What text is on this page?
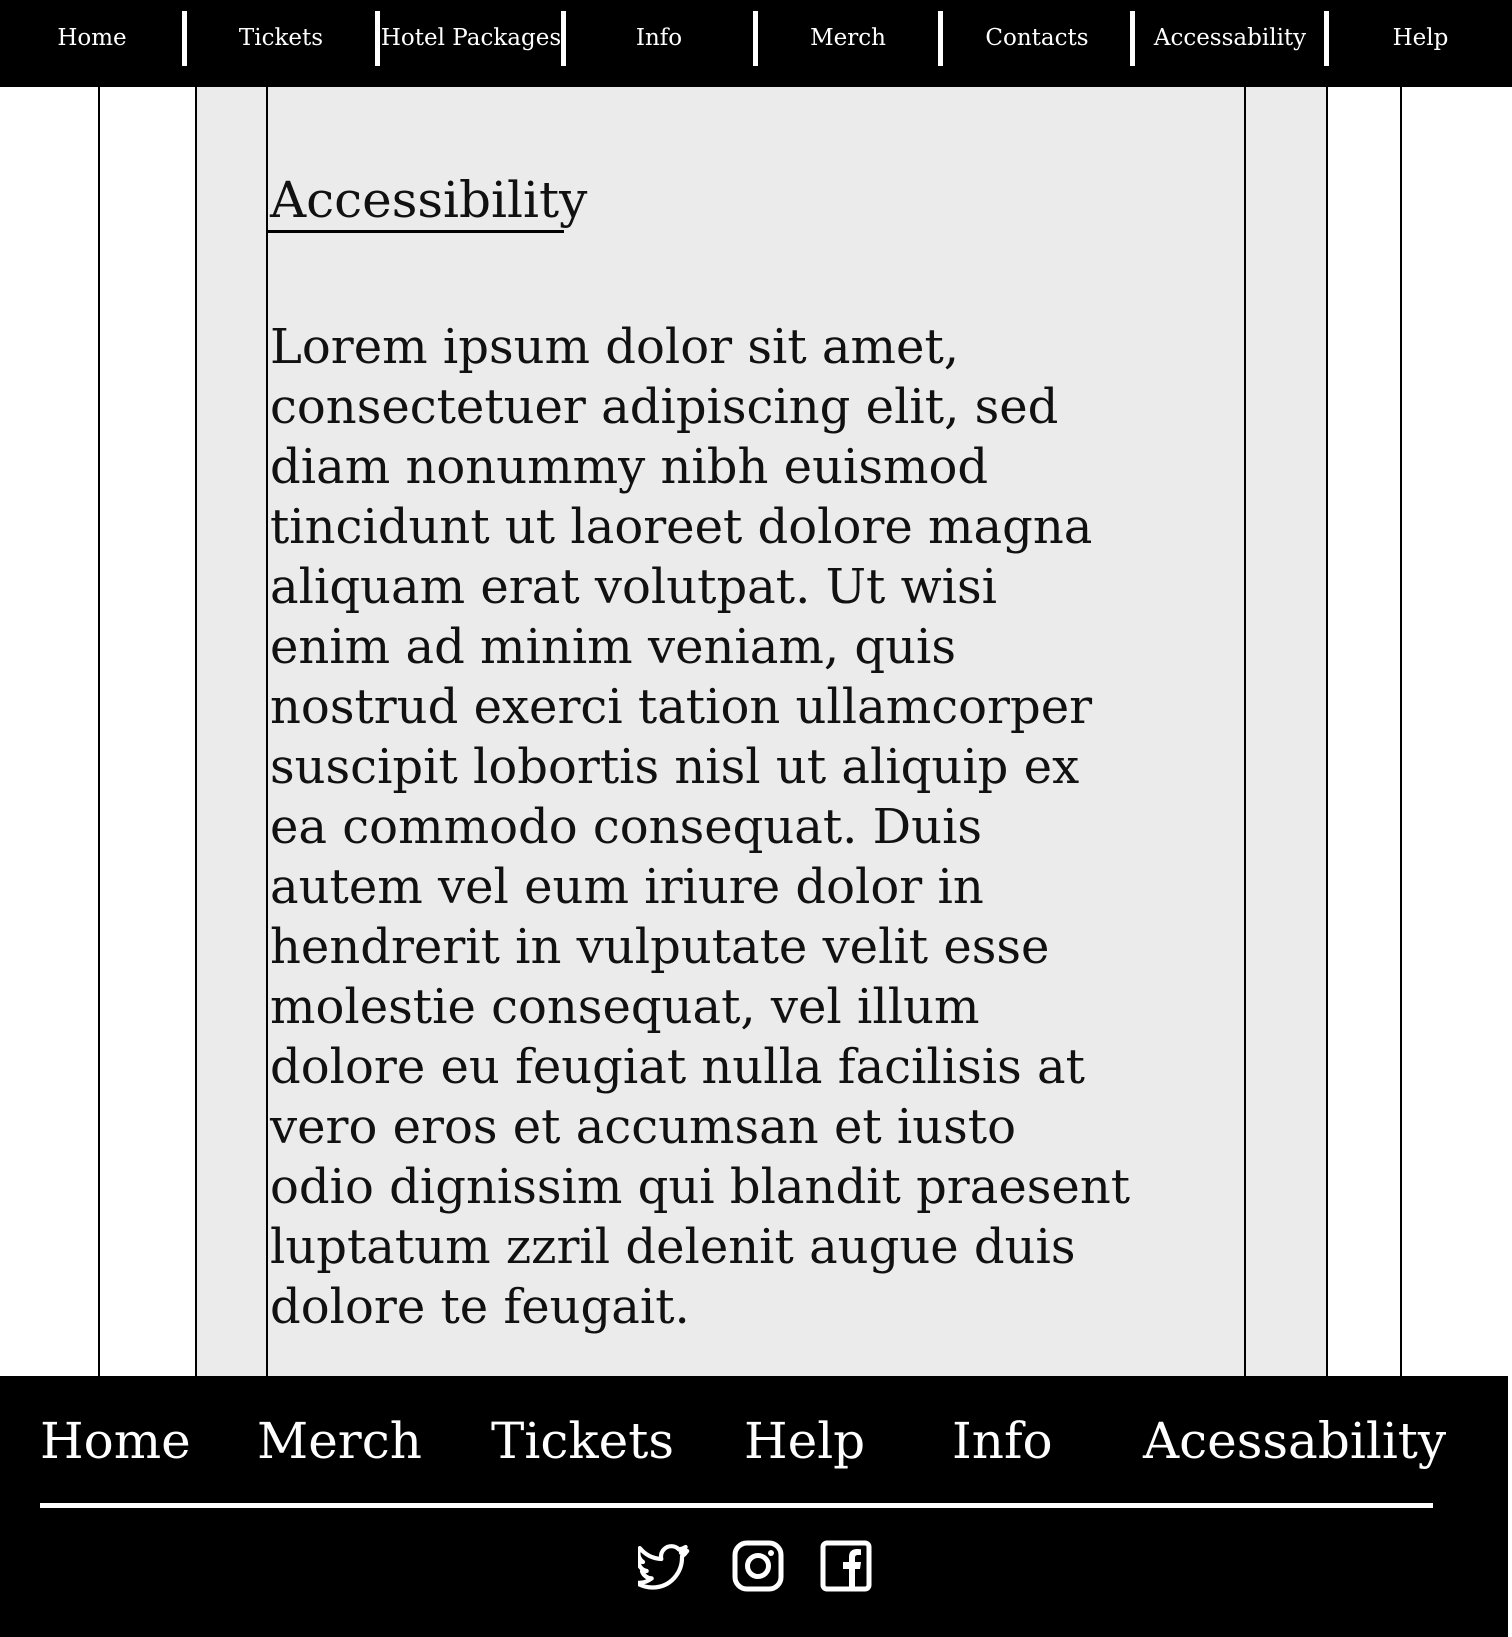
Home	Tickets	Hotel Packages	Info	Merch	Contacts	Accessability	Help
Accessibility

Lorem ipsum dolor sit amet, consectetuer adipiscing elit, sed diam nonummy nibh euismod tincidunt ut laoreet dolore magna aliquam erat volutpat. Ut wisi enim ad minim veniam, quis nostrud exerci tation ullamcorper suscipit lobortis nisl ut aliquip ex ea commodo consequat. Duis autem vel eum iriure dolor in hendrerit in vulputate velit esse molestie consequat, vel illum dolore eu feugiat nulla facilisis at vero eros et accumsan et iusto odio dignissim qui blandit praesent luptatum zzril delenit augue duis dolore te feugait.

Home Merch Tickets Help Info Acessability
